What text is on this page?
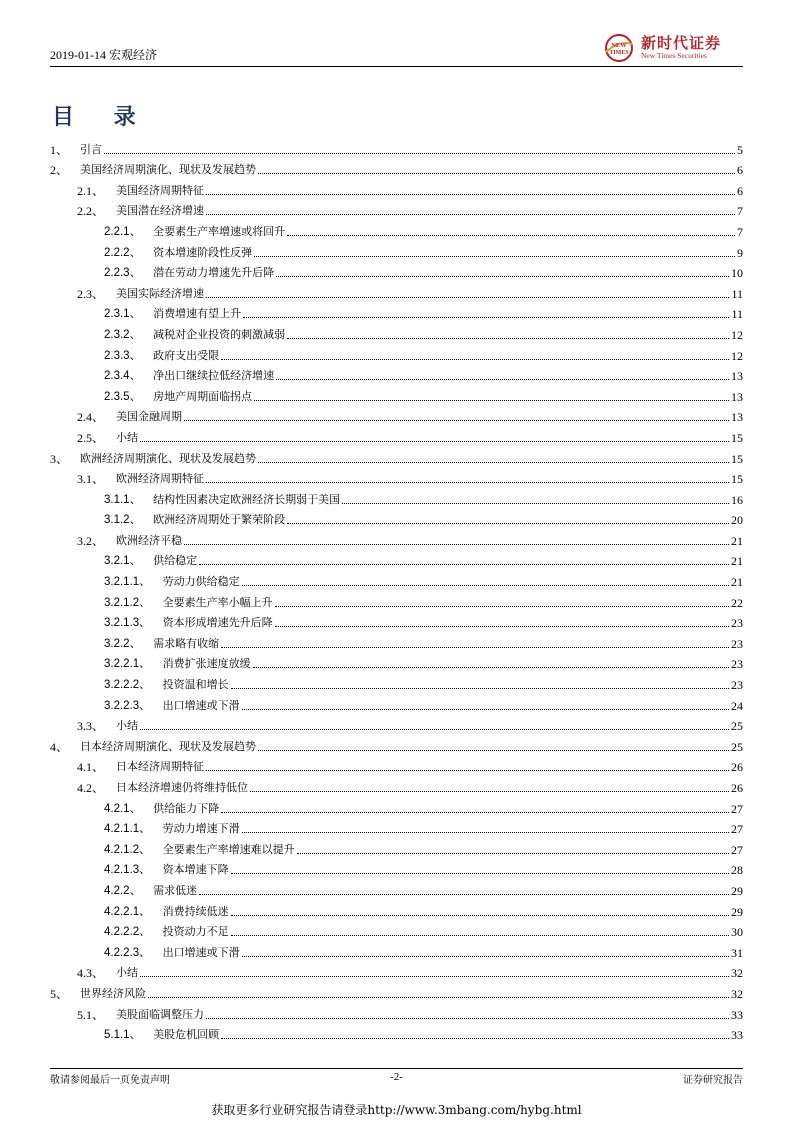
2019-01-14 宏观经济
NEW
TIMES
新时代证券
New Times Securities
目 录
1、 引言	5
2、 美国经济周期演化、现状及发展趋势	6
2.1、 美国经济周期特征	6
2.2、 美国潜在经济增速	7
2.2.1、 全要素生产率增速或将回升	7
2.2.2、 资本增速阶段性反弹	9
2.2.3、 潜在劳动力增速先升后降	10
2.3、 美国实际经济增速	11
2.3.1、 消费增速有望上升	11
2.3.2、 减税对企业投资的刺激减弱	12
2.3.3、 政府支出受限	12
2.3.4、 净出口继续拉低经济增速	13
2.3.5、 房地产周期面临拐点	13
2.4、 美国金融周期	13
2.5、 小结	15
3、 欧洲经济周期演化、现状及发展趋势	15
3.1、 欧洲经济周期特征	15
3.1.1、 结构性因素决定欧洲经济长期弱于美国	16
3.1.2、 欧洲经济周期处于繁荣阶段	20
3.2、 欧洲经济平稳	21
3.2.1、 供给稳定	21
3.2.1.1、 劳动力供给稳定	21
3.2.1.2、 全要素生产率小幅上升	22
3.2.1.3、 资本形成增速先升后降	23
3.2.2、 需求略有收缩	23
3.2.2.1、 消费扩张速度放缓	23
3.2.2.2、 投资温和增长	23
3.2.2.3、 出口增速或下滑	24
3.3、 小结	25
4、 日本经济周期演化、现状及发展趋势	25
4.1、 日本经济周期特征	26
4.2、 日本经济增速仍将维持低位	26
4.2.1、 供给能力下降	27
4.2.1.1、 劳动力增速下滑	27
4.2.1.2、 全要素生产率增速难以提升	27
4.2.1.3、 资本增速下降	28
4.2.2、 需求低迷	29
4.2.2.1、 消费持续低迷	29
4.2.2.2、 投资动力不足	30
4.2.2.3、 出口增速或下滑	31
4.3、 小结	32
5、 世界经济风险	32
5.1、 美股面临调整压力	33
5.1.1、 美股危机回顾	33
敬请参阅最后一页免责声明	-2-	证券研究报告
获取更多行业研究报告请登录http://www.3mbang.com/hybg.html
